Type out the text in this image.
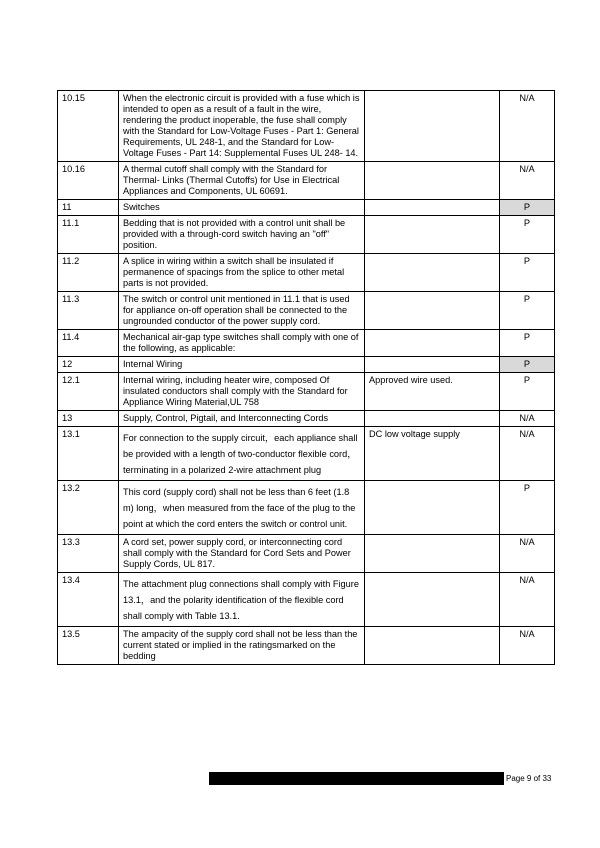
10.15	When the electronic circuit is provided with a fuse which is intended to open as a result of a fault in the wire, rendering the product inoperable, the fuse shall comply with the Standard for Low-Voltage Fuses - Part 1: General Requirements, UL 248-1, and the Standard for Low-Voltage Fuses - Part 14: Supplemental Fuses UL 248- 14.		N/A
10.16	A thermal cutoff shall comply with the Standard for Thermal- Links (Thermal Cutoffs) for Use in Electrical Appliances and Components, UL 60691.		N/A
11	Switches		P
11.1	Bedding that is not provided with a control unit shall be provided with a through-cord switch having an "off" position.		P
11.2	A splice in wiring within a switch shall be insulated if permanence of spacings from the splice to other metal parts is not provided.		P
11.3	The switch or control unit mentioned in 11.1 that is used for appliance on-off operation shall be connected to the ungrounded conductor of the power supply cord.		P
11.4	Mechanical air-gap type switches shall comply with one of the following, as applicable:		P
12	Internal Wiring		P
12.1	Internal wiring, including heater wire, composed Of insulated conductors shall comply with the Standard for Appliance Wiring Material,UL 758	Approved wire used.	P
13	Supply, Control, Pigtail, and Interconnecting Cords		N/A
13.1	For connection to the supply circuit，each appliance shall be provided with a length of two-conductor flexible cord，terminating in a polarized 2-wire attachment plug	DC low voltage supply	N/A
13.2	This cord (supply cord) shall not be less than 6 feet (1.8 m) long，when measured from the face of the plug to the point at which the cord enters the switch or control unit.		P
13.3	A cord set, power supply cord, or interconnecting cord shall comply with the Standard for Cord Sets and Power Supply Cords, UL 817.		N/A
13.4	The attachment plug connections shall comply with Figure 13.1，and the polarity identification of the flexible cord shall comply with Table 13.1.		N/A
13.5	The ampacity of the supply cord shall not be less than the current stated or implied in the ratingsmarked on the bedding		N/A
Page 9 of 33
